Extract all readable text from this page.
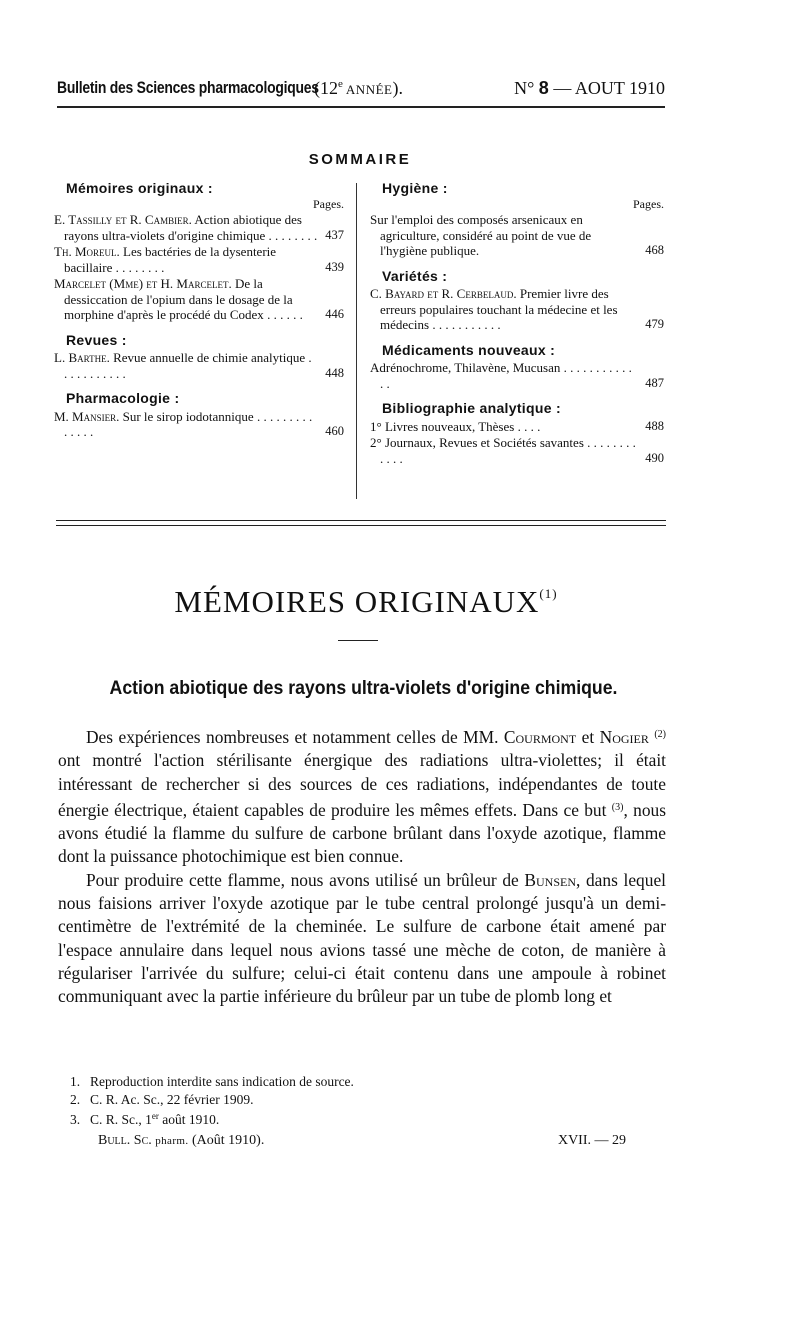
Bulletin des Sciences pharmacologiques
(12e ANNÉE).	N° 8 — AOUT 1910
SOMMAIRE
Mémoires originaux :
Pages.
E. Tassilly et R. Cambier. Action abiotique des rayons ultra-violets d'origine chimique . . . . . . . . 437
Th. Moreul. Les bactéries de la dysenterie bacillaire . . . . . . . .	439
Marcelet (Mme) et H. Marcelet. De la dessiccation de l'opium dans le dosage de la morphine d'après le procédé du Codex . . . . . .	446
Revues :
L. Barthe. Revue annuelle de chimie analytique . . . . . . . . . . .	448
Pharmacologie :
M. Mansier. Sur le sirop iodotannique . . . . . . . . . . . . . .	460
Hygiène :
Pages.
Sur l'emploi des composés arsenicaux en agriculture, considéré au point de vue de l'hygiène publique.	468
Variétés :
C. Bayard et R. Cerbelaud. Premier livre des erreurs populaires touchant la médecine et les médecins . . . . . . . . . . .	479
Médicaments nouveaux :
Adrénochrome, Thilavène, Mucusan . . . . . . . . . . . . .	487
Bibliographie analytique :
1° Livres nouveaux, Thèses . . . .	488
2° Journaux, Revues et Sociétés savantes . . . . . . . . . . . .	490
MÉMOIRES ORIGINAUX$^{(1)}$
Action abiotique des rayons ultra-violets d'origine chimique.

Des expériences nombreuses et notamment celles de MM. Courmont et Nogier $^{(2)}$ ont montré l'action stérilisante énergique des radiations ultra-violettes; il était intéressant de rechercher si des sources de ces radiations, indépendantes de toute énergie électrique, étaient capables de produire les mêmes effets. Dans ce but $^{(3)}$, nous avons étudié la flamme du sulfure de carbone brûlant dans l'oxyde azotique, flamme dont la puissance photochimique est bien connue.

Pour produire cette flamme, nous avons utilisé un brûleur de Bunsen, dans lequel nous faisions arriver l'oxyde azotique par le tube central prolongé jusqu'à un demi-centimètre de l'extrémité de la cheminée. Le sulfure de carbone était amené par l'espace annulaire dans lequel nous avions tassé une mèche de coton, de manière à régulariser l'arrivée du sulfure; celui-ci était contenu dans une ampoule à robinet communiquant avec la partie inférieure du brûleur par un tube de plomb long et

1. Reproduction interdite sans indication de source.
2. C. R. Ac. Sc., 22 février 1909.
3. C. R. Sc., 1er août 1910.
Bull. Sc. pharm. (Août 1910).	XVII. — 29
